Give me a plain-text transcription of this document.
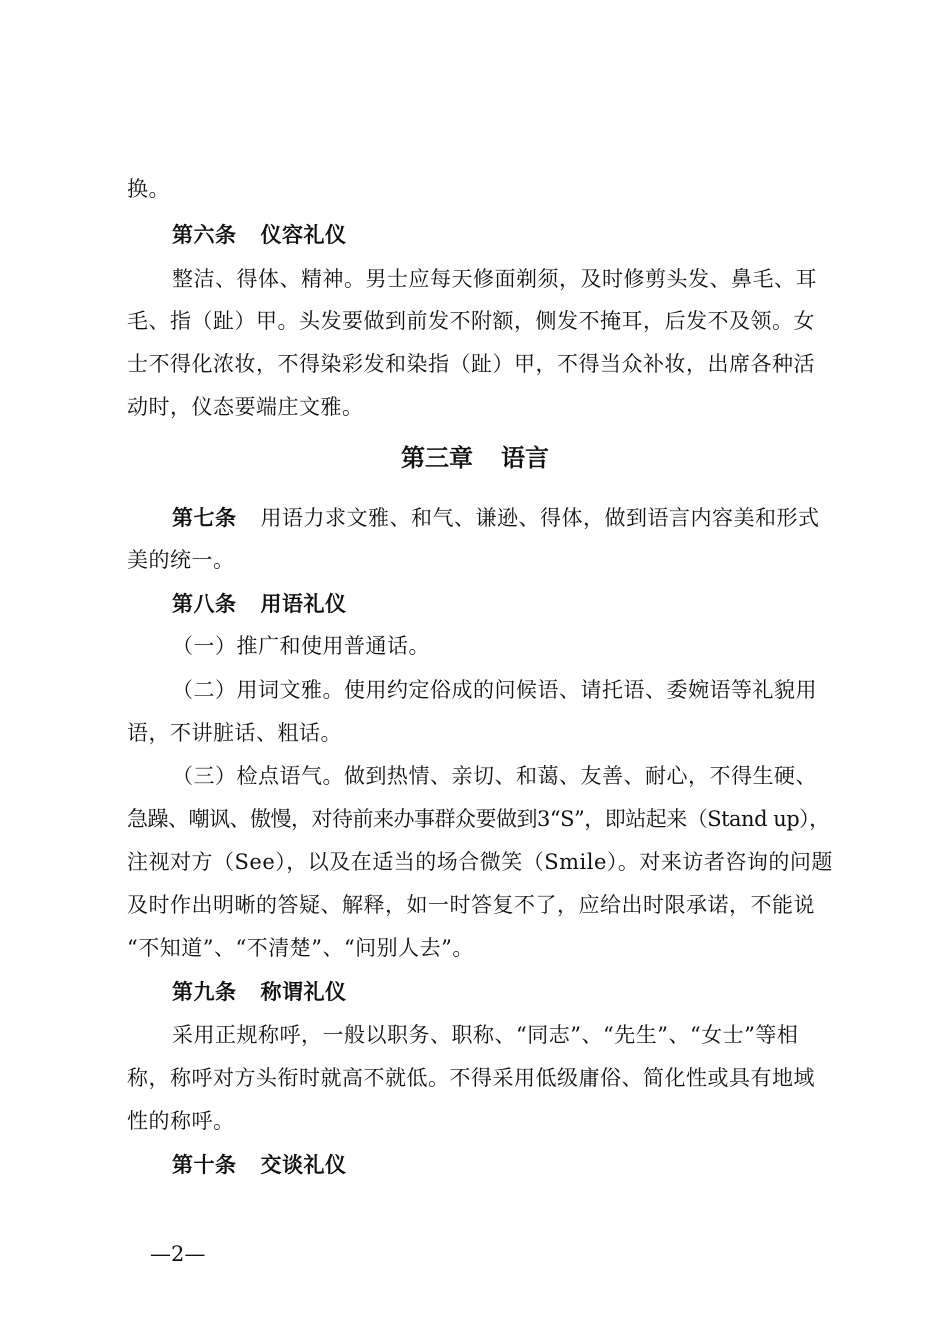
换。
第六条 仪容礼仪
整洁、得体、精神。男士应每天修面剃须，及时修剪头发、鼻毛、耳
毛、指（趾）甲。头发要做到前发不附额，侧发不掩耳，后发不及领。女
士不得化浓妆，不得染彩发和染指（趾）甲，不得当众补妆，出席各种活
动时，仪态要端庄文雅。
第三章 语言
第七条 用语力求文雅、和气、谦逊、得体，做到语言内容美和形式
美的统一。
第八条 用语礼仪
（一）推广和使用普通话。
（二）用词文雅。使用约定俗成的问候语、请托语、委婉语等礼貌用
语，不讲脏话、粗话。
（三）检点语气。做到热情、亲切、和蔼、友善、耐心，不得生硬、
急躁、嘲讽、傲慢，对待前来办事群众要做到3“S”，即站起来（Stand up），
注视对方（See），以及在适当的场合微笑（Smile）。对来访者咨询的问题
及时作出明晰的答疑、解释，如一时答复不了，应给出时限承诺，不能说
“不知道”、“不清楚”、“问别人去”。
第九条 称谓礼仪
采用正规称呼，一般以职务、职称、“同志”、“先生”、“女士”等相
称，称呼对方头衔时就高不就低。不得采用低级庸俗、简化性或具有地域
性的称呼。
第十条 交谈礼仪
—2—
